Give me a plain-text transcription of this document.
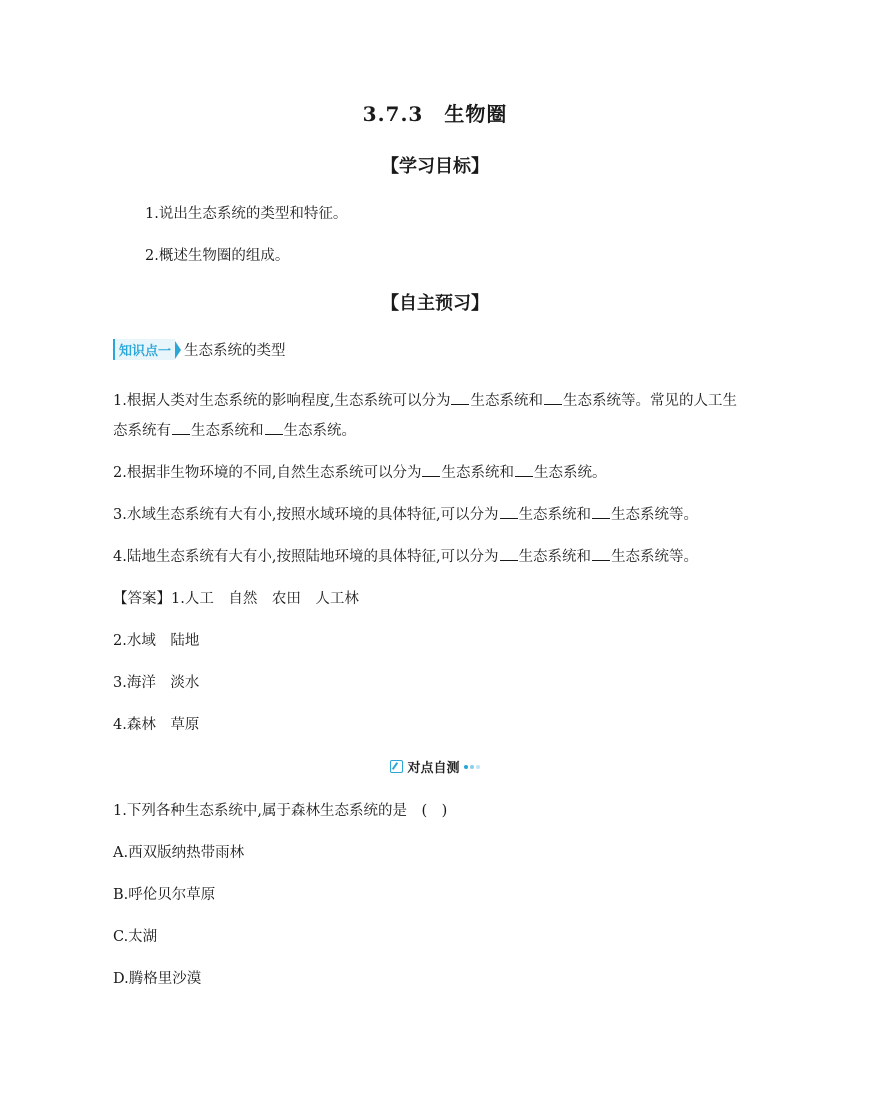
3.7.3　生物圈
【学习目标】
1.说出生态系统的类型和特征。
2.概述生物圈的组成。
【自主预习】
知识点一 生态系统的类型
1.根据人类对生态系统的影响程度,生态系统可以分为 生态系统和 生态系统等。常见的人工生
态系统有 生态系统和 生态系统。
2.根据非生物环境的不同,自然生态系统可以分为 生态系统和 生态系统。
3.水域生态系统有大有小,按照水域环境的具体特征,可以分为 生态系统和 生态系统等。
4.陆地生态系统有大有小,按照陆地环境的具体特征,可以分为 生态系统和 生态系统等。
【答案】1.人工　自然　农田　人工林
2.水域　陆地
3.海洋　淡水
4.森林　草原
对点自测
1.下列各种生态系统中,属于森林生态系统的是　(　)
A.西双版纳热带雨林
B.呼伦贝尔草原
C.太湖
D.腾格里沙漠
